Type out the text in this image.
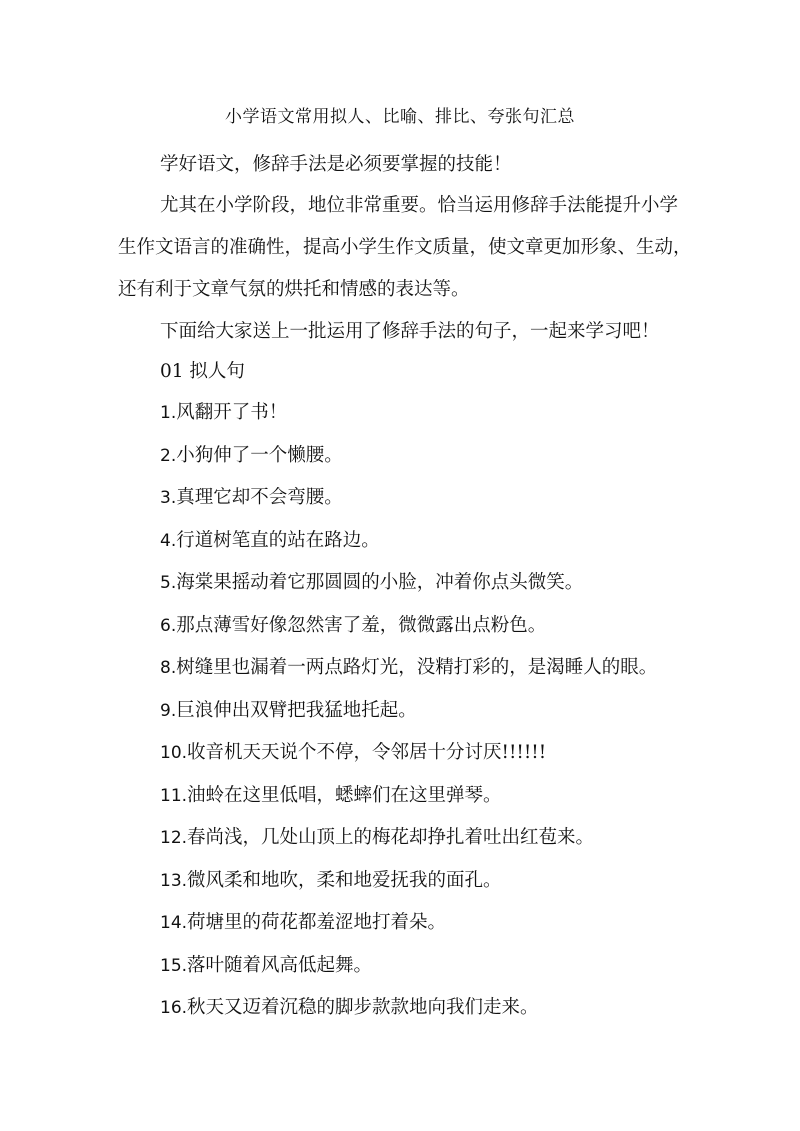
小学语文常用拟人、比喻、排比、夸张句汇总
学好语文，修辞手法是必须要掌握的技能！
尤其在小学阶段，地位非常重要。恰当运用修辞手法能提升小学
生作文语言的准确性，提高小学生作文质量，使文章更加形象、生动，
还有利于文章气氛的烘托和情感的表达等。
下面给大家送上一批运用了修辞手法的句子，一起来学习吧！
01 拟人句
1.风翻开了书！
2.小狗伸了一个懒腰。
3.真理它却不会弯腰。
4.行道树笔直的站在路边。
5.海棠果摇动着它那圆圆的小脸，冲着你点头微笑。
6.那点薄雪好像忽然害了羞，微微露出点粉色。
8.树缝里也漏着一两点路灯光，没精打彩的，是渴睡人的眼。
9.巨浪伸出双臂把我猛地托起。
10.收音机天天说个不停，令邻居十分讨厌!!!!!!
11.油蛉在这里低唱，蟋蟀们在这里弹琴。
12.春尚浅，几处山顶上的梅花却挣扎着吐出红苞来。
13.微风柔和地吹，柔和地爱抚我的面孔。
14.荷塘里的荷花都羞涩地打着朵。
15.落叶随着风高低起舞。
16.秋天又迈着沉稳的脚步款款地向我们走来。
